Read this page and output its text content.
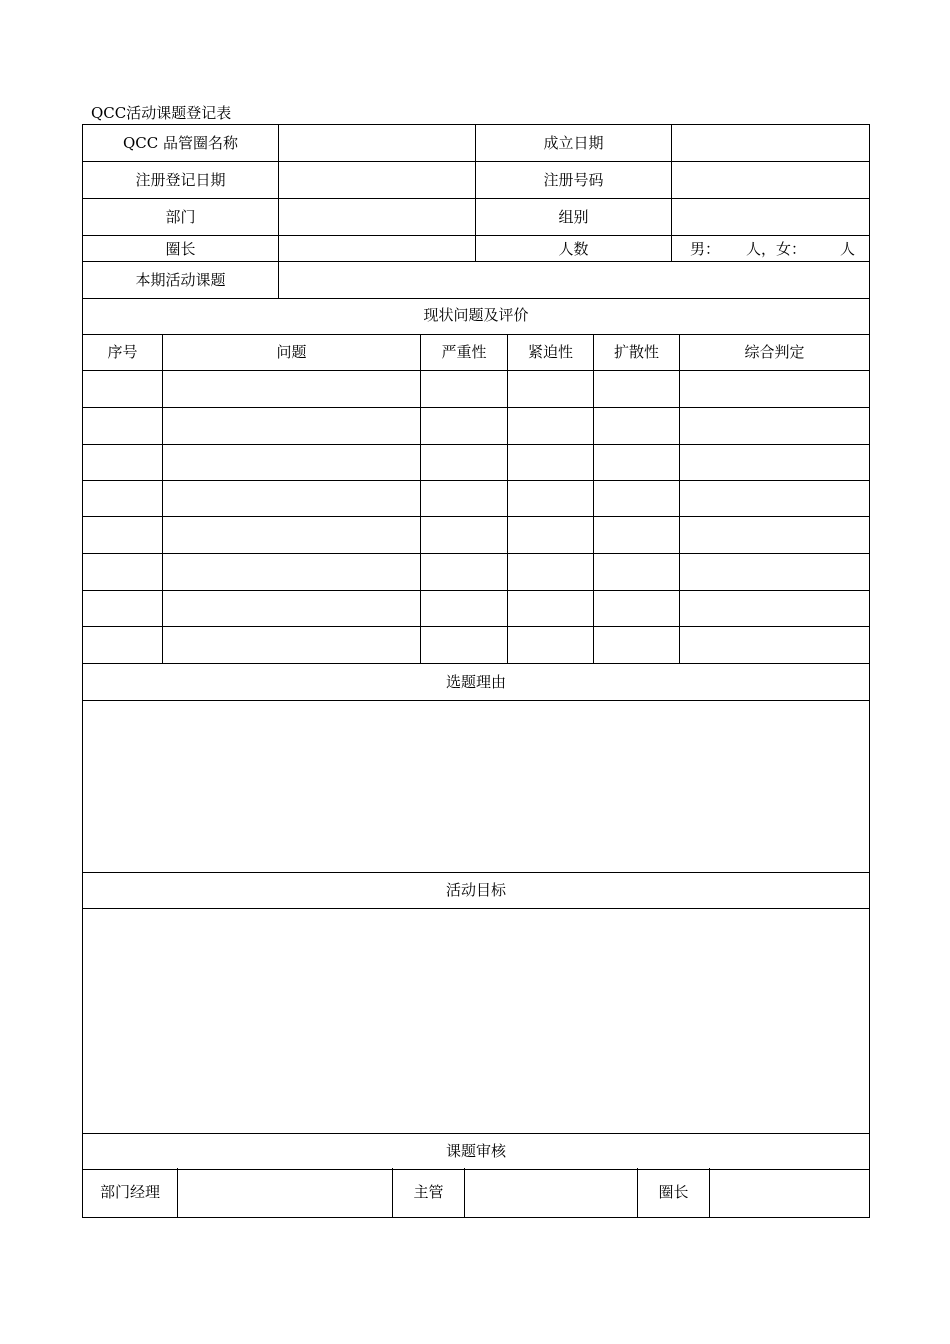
QCC活动课题登记表
QCC 品管圈名称		成立日期	
注册登记日期		注册号码	
部门		组别	
圈长		人数	男： 人，女： 人
本期活动课题			
现状问题及评价					
序号	问题	严重性	紧迫性	扩散性	综合判定

选题理由					

活动目标					

课题审核					
部门经理		主管		圈长	
